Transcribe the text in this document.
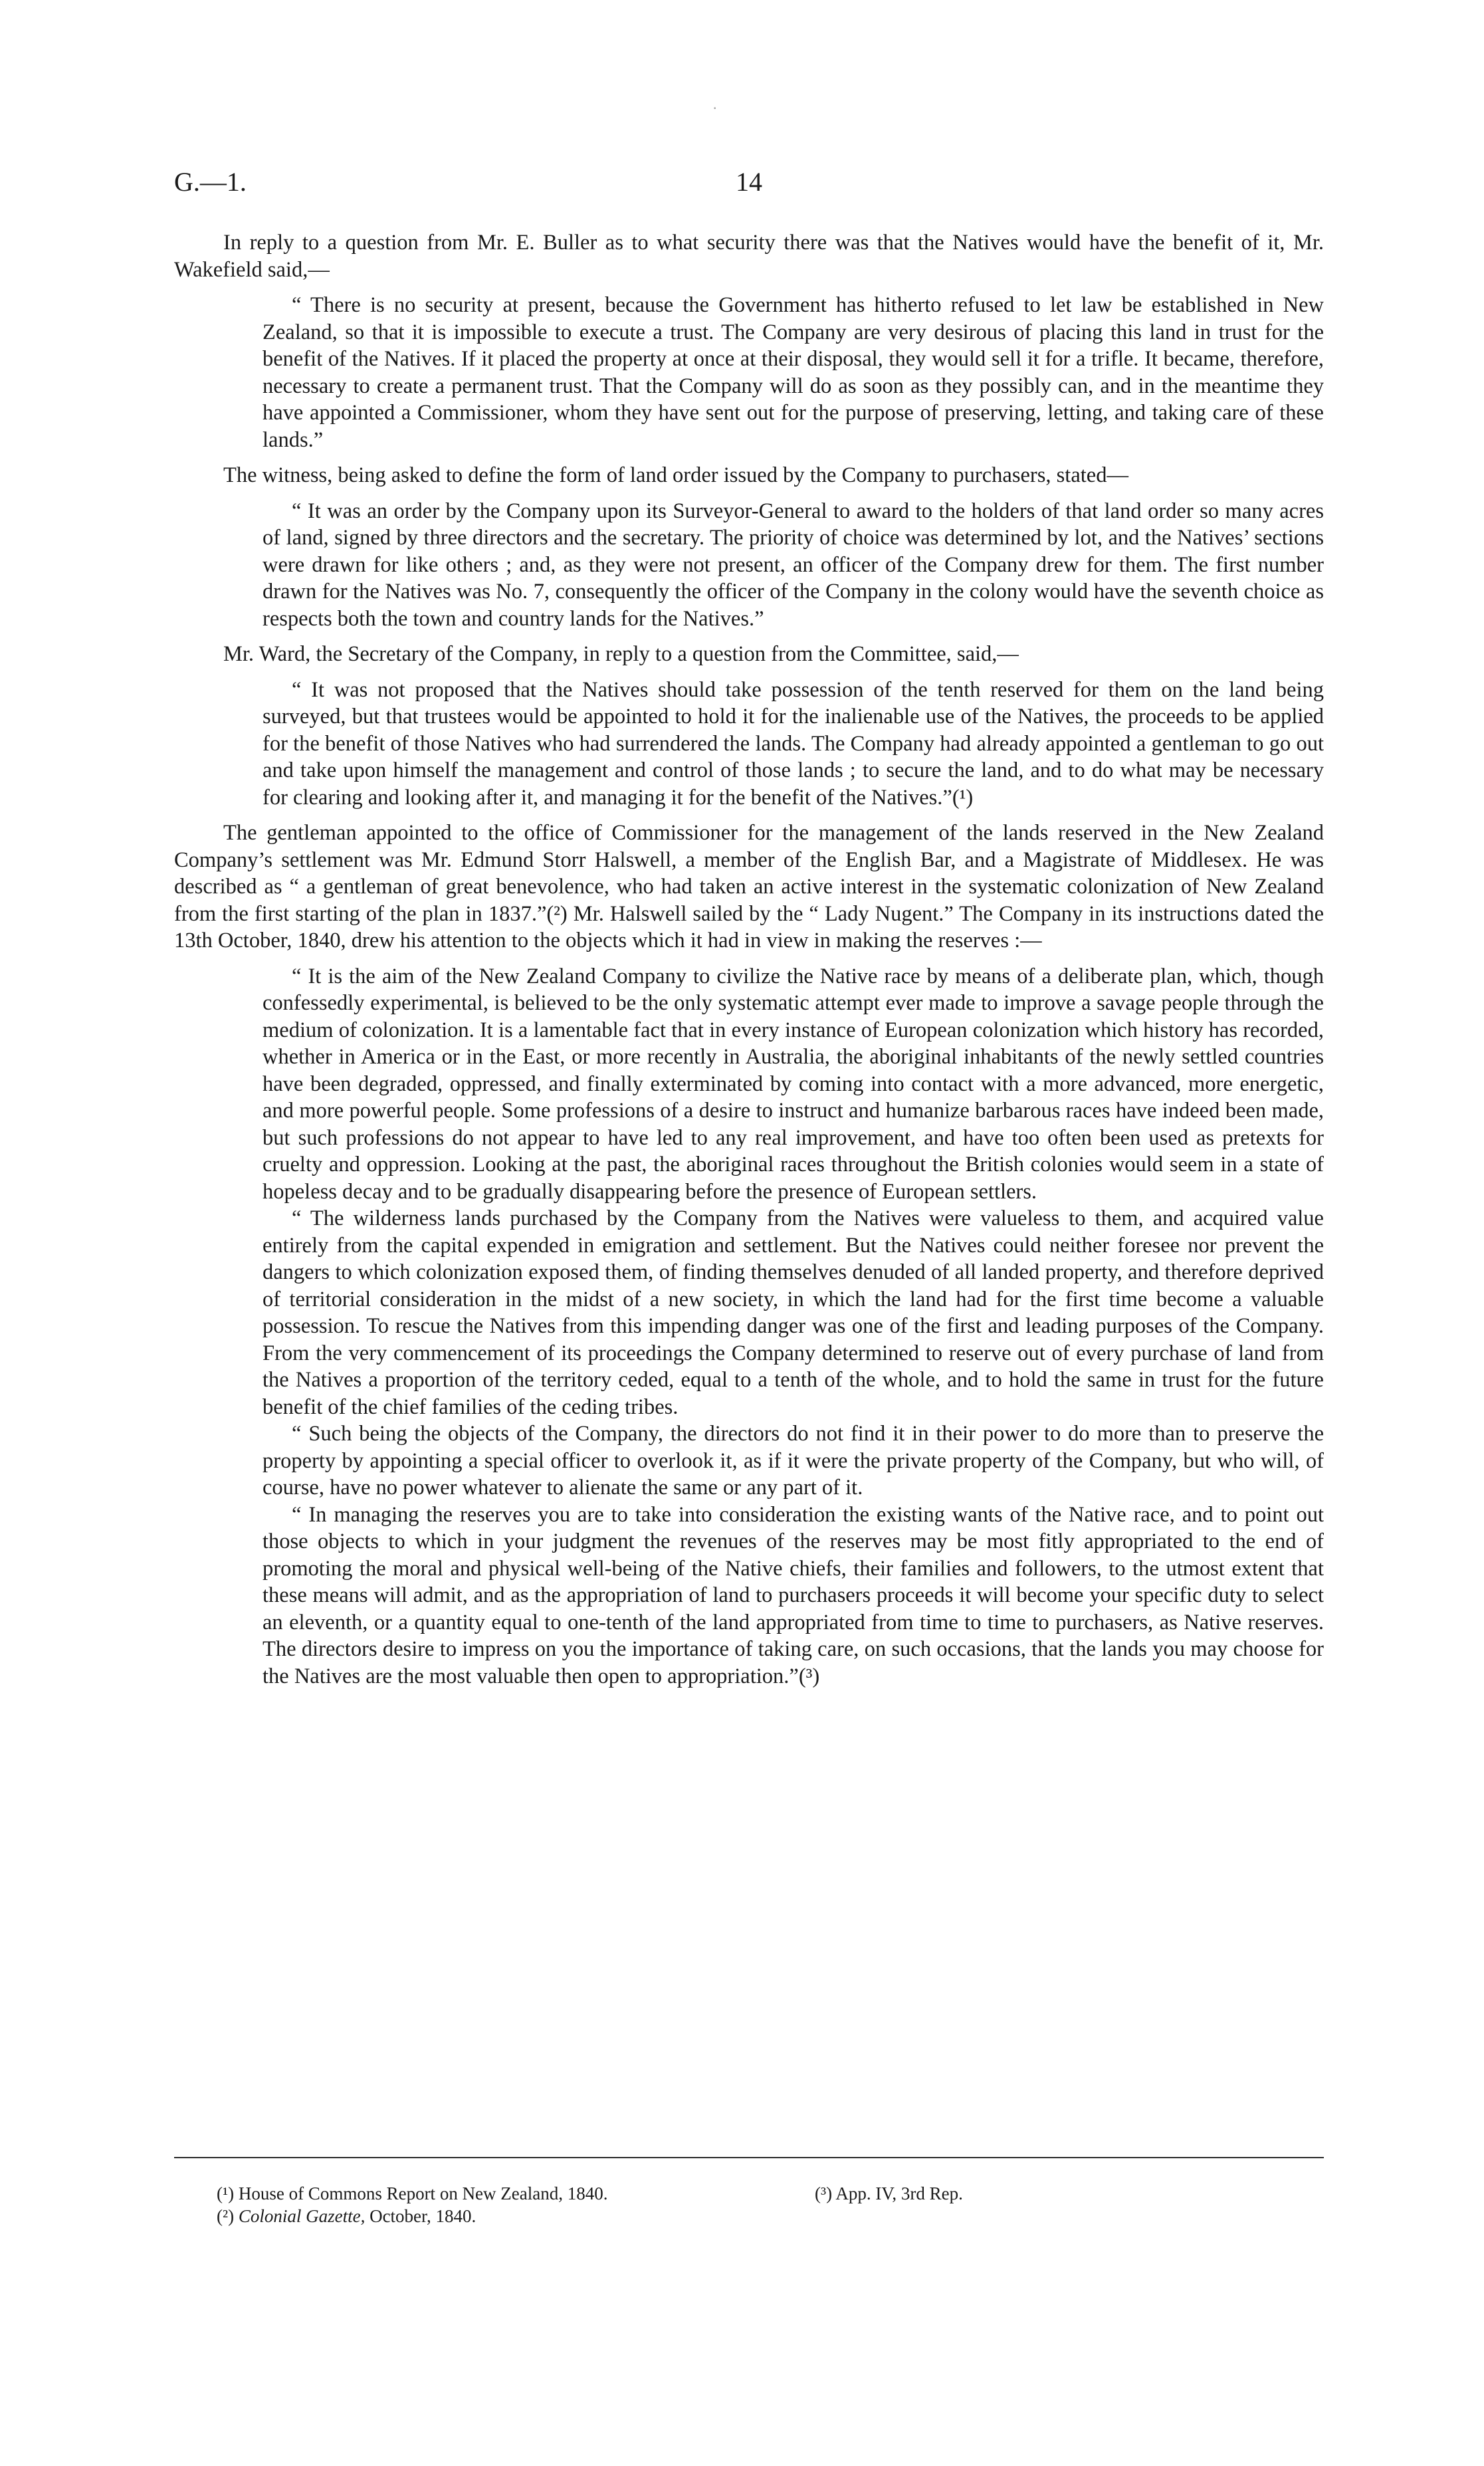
·
G.—1.	14

In reply to a question from Mr. E. Buller as to what security there was that the Natives would have the benefit of it, Mr. Wakefield said,—

“ There is no security at present, because the Government has hitherto refused to let law be established in New Zealand, so that it is impossible to execute a trust. The Company are very desirous of placing this land in trust for the benefit of the Natives. If it placed the property at once at their disposal, they would sell it for a trifle. It became, therefore, necessary to create a permanent trust. That the Company will do as soon as they possibly can, and in the meantime they have appointed a Commissioner, whom they have sent out for the purpose of preserving, letting, and taking care of these lands.”

The witness, being asked to define the form of land order issued by the Company to purchasers, stated—

“ It was an order by the Company upon its Surveyor-General to award to the holders of that land order so many acres of land, signed by three directors and the secretary. The priority of choice was determined by lot, and the Natives’ sections were drawn for like others ; and, as they were not present, an officer of the Company drew for them. The first number drawn for the Natives was No. 7, consequently the officer of the Company in the colony would have the seventh choice as respects both the town and country lands for the Natives.”

Mr. Ward, the Secretary of the Company, in reply to a question from the Committee, said,—

“ It was not proposed that the Natives should take possession of the tenth reserved for them on the land being surveyed, but that trustees would be appointed to hold it for the inalienable use of the Natives, the proceeds to be applied for the benefit of those Natives who had surrendered the lands. The Company had already appointed a gentleman to go out and take upon himself the management and control of those lands ; to secure the land, and to do what may be necessary for clearing and looking after it, and managing it for the benefit of the Natives.”(¹)

The gentleman appointed to the office of Commissioner for the management of the lands reserved in the New Zealand Company’s settlement was Mr. Edmund Storr Halswell, a member of the English Bar, and a Magistrate of Middlesex. He was described as “ a gentleman of great benevolence, who had taken an active interest in the systematic colonization of New Zealand from the first starting of the plan in 1837.”(²) Mr. Halswell sailed by the “ Lady Nugent.” The Company in its instructions dated the 13th October, 1840, drew his attention to the objects which it had in view in making the reserves :—

“ It is the aim of the New Zealand Company to civilize the Native race by means of a deliberate plan, which, though confessedly experimental, is believed to be the only systematic attempt ever made to improve a savage people through the medium of colonization. It is a lamentable fact that in every instance of European colonization which history has recorded, whether in America or in the East, or more recently in Australia, the aboriginal inhabitants of the newly settled countries have been degraded, oppressed, and finally exterminated by coming into contact with a more advanced, more energetic, and more powerful people. Some professions of a desire to instruct and humanize barbarous races have indeed been made, but such professions do not appear to have led to any real improvement, and have too often been used as pretexts for cruelty and oppression. Looking at the past, the aboriginal races throughout the British colonies would seem in a state of hopeless decay and to be gradually disappearing before the presence of European settlers.

“ The wilderness lands purchased by the Company from the Natives were valueless to them, and acquired value entirely from the capital expended in emigration and settlement. But the Natives could neither foresee nor prevent the dangers to which colonization exposed them, of finding themselves denuded of all landed property, and therefore deprived of territorial consideration in the midst of a new society, in which the land had for the first time become a valuable possession. To rescue the Natives from this impending danger was one of the first and leading purposes of the Company. From the very commencement of its proceedings the Company determined to reserve out of every purchase of land from the Natives a proportion of the territory ceded, equal to a tenth of the whole, and to hold the same in trust for the future benefit of the chief families of the ceding tribes.

“ Such being the objects of the Company, the directors do not find it in their power to do more than to preserve the property by appointing a special officer to overlook it, as if it were the private property of the Company, but who will, of course, have no power whatever to alienate the same or any part of it.

“ In managing the reserves you are to take into consideration the existing wants of the Native race, and to point out those objects to which in your judgment the revenues of the reserves may be most fitly appropriated to the end of promoting the moral and physical well-being of the Native chiefs, their families and followers, to the utmost extent that these means will admit, and as the appropriation of land to purchasers proceeds it will become your specific duty to select an eleventh, or a quantity equal to one-tenth of the land appropriated from time to time to purchasers, as Native reserves. The directors desire to impress on you the importance of taking care, on such occasions, that the lands you may choose for the Natives are the most valuable then open to appropriation.”(³)

(¹) House of Commons Report on New Zealand, 1840.	(³) App. IV, 3rd Rep.
(²) Colonial Gazette, October, 1840.
